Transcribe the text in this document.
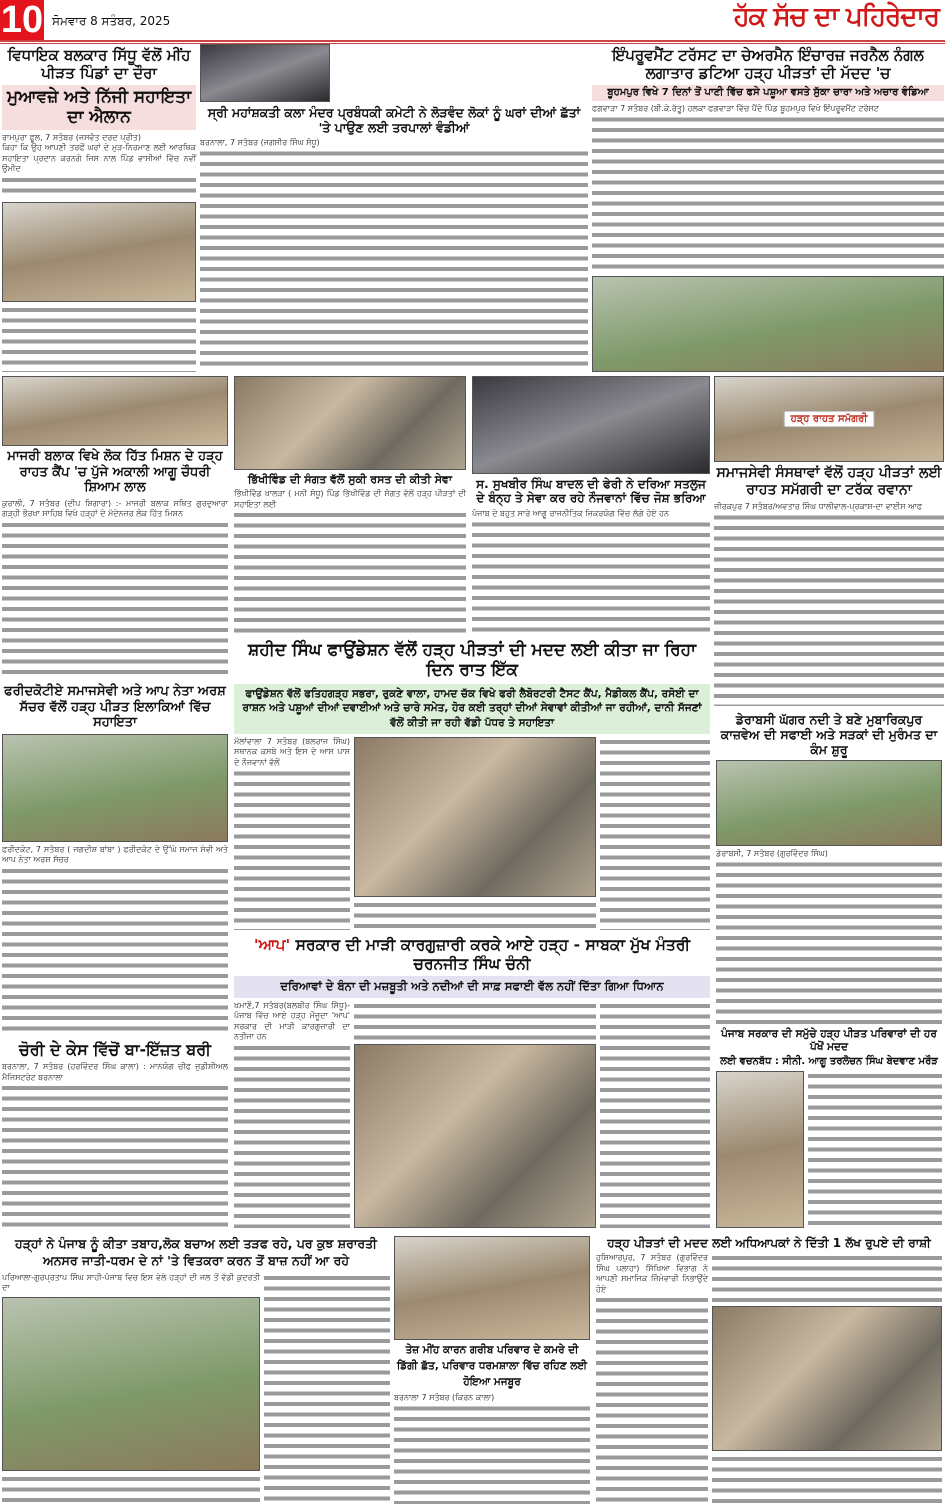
10 ਸੋਮਵਾਰ 8 ਸਤੰਬਰ, 2025	ਹੱਕ ਸੱਚ ਦਾ ਪਹਿਰੇਦਾਰ
ਵਿਧਾਇਕ ਬਲਕਾਰ ਸਿੱਧੂ ਵੱਲੋਂ ਮੀਂਹ ਪੀੜਤ ਪਿੰਡਾਂ ਦਾ ਦੌਰਾ
ਮੁਆਵਜ਼ੇ ਅਤੇ ਨਿੱਜੀ ਸਹਾਇਤਾ ਦਾ ਐਲਾਨ
ਰਾਮਪੁਰਾ ਫੂਲ, 7 ਸਤੰਬਰ (ਜਸਵੰਤ ਦਰਦ ਪ੍ਰੀਤ)
ਕਿਹਾ ਕਿ ਉਹ ਆਪਣੀ ਤਰਫੋਂ ਘਰਾਂ ਦੇ ਮੁੜ-ਨਿਰਮਾਣ ਲਈ ਆਰਥਿਕ ਸਹਾਇਤਾ ਪ੍ਰਦਾਨ ਕਰਨਗੇ ਜਿਸ ਨਾਲ ਪਿੰਡ ਵਾਸੀਆਂ ਵਿੱਚ ਨਵੀਂ ਉਮੀਦ
ਸ੍ਰੀ ਮਹਾਂਸ਼ਕਤੀ ਕਲਾ ਮੰਦਰ ਪ੍ਰਬੰਧਕੀ ਕਮੇਟੀ ਨੇ ਲੋੜਵੰਦ ਲੋਕਾਂ ਨੂੰ ਘਰਾਂ ਦੀਆਂ ਛੱਤਾਂ 'ਤੇ ਪਾਉਣ ਲਈ ਤਰਪਾਲਾਂ ਵੰਡੀਆਂ
ਬਰਨਾਲਾ, 7 ਸਤੰਬਰ (ਜਗਸੀਰ ਸਿੰਘ ਸੰਧੂ)
ਇੰਪਰੂਵਮੈਂਟ ਟਰੱਸਟ ਦਾ ਚੇਅਰਮੈਨ ਇੰਚਾਰਜ਼ ਜਰਨੈਲ ਨੰਗਲ ਲਗਾਤਾਰ ਡਟਿਆ ਹੜ੍ਹ ਪੀੜਤਾਂ ਦੀ ਮੱਦਦ 'ਚ
ਬੂਹਮਪੁਰ ਵਿਖੇ 7 ਦਿਨਾਂ ਤੋਂ ਪਾਣੀ ਵਿੱਚ ਫਸੇ ਪਸ਼ੂਆ ਵਸਤੇ ਸੁੱਕਾ ਚਾਰਾ ਅਤੇ ਅਚਾਰ ਵੰਡਿਆ
ਫਗਵਾੜਾ 7 ਸਤੰਬਰ (ਬੀ.ਕੇ.ਰੱਤੂ) ਹਲਕਾ ਫਗਵਾੜਾ ਵਿੱਚ ਪੈਂਦੇ ਪਿੰਡ ਬੂਹਮਪੁਰ ਵਿਖੇ ਇੰਪਰੂਵਮੈਂਟ ਟਰੱਸਟ
ਮਾਜਰੀ ਬਲਾਕ ਵਿਖੇ ਲੋਕ ਹਿੱਤ ਮਿਸ਼ਨ ਦੇ ਹੜ੍ਹ ਰਾਹਤ ਕੈਂਪ 'ਚ ਪੁੱਜੇ ਅਕਾਲੀ ਆਗੂ ਚੌਧਰੀ ਸ਼ਿਆਮ ਲਾਲ
ਕੁਰਾਲੀ, 7 ਸਤੰਬਰ (ਦੀਪ ਸ਼ਿਗਾਰਾ) :- ਮਾਜਰੀ ਬਲਾਕ ਸਥਿਤ ਗੁਰਦੁਆਰਾ ਗੜ੍ਹੀ ਭੌਰਖਾ ਸਾਹਿਬ ਵਿਖੇ ਹੜ੍ਹਾਂ ਦੇ ਮੱਦੇਨਜ਼ਰ ਲੋਕ ਹਿੱਤ ਮਿਸ਼ਨ
ਭਿੱਖੀਵਿੰਡ ਦੀ ਸੰਗਤ ਵੱਲੋਂ ਸੁਕੀ ਰਸਤ ਦੀ ਕੀਤੀ ਸੇਵਾ
ਭਿੱਖੀਵਿੰਡ ਖਾਲੜਾ ( ਮਨੀ ਸੰਧੂ) ਪਿੰਡ ਭਿੱਖੀਵਿੰਡ ਦੀ ਸੰਗਤ ਵੱਲੋਂ ਹੜ੍ਹ ਪੀੜਤਾਂ ਦੀ ਸਹਾਇਤਾ ਲਈ
ਸ. ਸੁਖਬੀਰ ਸਿੰਘ ਬਾਦਲ ਦੀ ਫੇਰੀ ਨੇ ਦਰਿਆ ਸਤਲੁਜ ਦੇ ਬੰਨ੍ਹ ਤੇ ਸੇਵਾ ਕਰ ਰਹੇ ਨੌਜਵਾਨਾਂ ਵਿੱਚ ਜੋਸ਼ ਭਰਿਆ
ਪੰਜਾਬ ਦੇ ਬਹੁਤ ਸਾਰੇ ਆਗੂ ਰਾਜਨੀਤਿਕ ਜ਼ਿਕਰਯੋਗ ਵਿੱਚ ਲੱਗੇ ਹੋਏ ਹਨ
ਹੜ੍ਹ ਰਾਹਤ ਸਮੱਗਰੀ
ਸਮਾਜਸੇਵੀ ਸੰਸਥਾਵਾਂ ਵੱਲੋਂ ਹੜ੍ਹ ਪੀੜਤਾਂ ਲਈ ਰਾਹਤ ਸਮੱਗਰੀ ਦਾ ਟਰੱਕ ਰਵਾਨਾ
ਜ਼ੀਰਕਪੁਰ 7 ਸਤੰਬਰ/ਅਵਤਾਰ ਸਿੰਘ ਧਾਲੀਵਾਲ-ਪ੍ਰਕਾਸ਼-ਦਾ ਵਾਈਸ ਆਫ
ਫਰੀਦਕੋਟੀਏ ਸਮਾਜਸੇਵੀ ਅਤੇ ਆਪ ਨੇਤਾ ਅਰਸ਼ ਸੱਚਰ ਵੱਲੋਂ ਹੜ੍ਹ ਪੀੜਤ ਇਲਾਕਿਆਂ ਵਿੱਚ ਸਹਾਇਤਾ
ਫਰੀਦਕੋਟ, 7 ਸਤੰਬਰ ( ਜਗਦੀਸ਼ ਬਾਂਬਾ ) ਫਰੀਦਕੋਟ ਦੇ ਉੱਘੇ ਸਮਾਜ ਸੇਵੀ ਅਤੇ ਆਪ ਨੇਤਾ ਅਰਸ਼ ਸੱਚਰ
ਸ਼ਹੀਦ ਸਿੰਘ ਫਾਉਂਡੇਸ਼ਨ ਵੱਲੋਂ ਹੜ੍ਹ ਪੀੜਤਾਂ ਦੀ ਮਦਦ ਲਈ ਕੀਤਾ ਜਾ ਰਿਹਾ ਦਿਨ ਰਾਤ ਇੱਕ
ਫਾਉਂਡੇਸ਼ਨ ਵੱਲੋਂ ਫਤਿਹਗੜ੍ਹ ਸਭਰਾ, ਰੁਕਣੇ ਵਾਲਾ, ਹਾਮਦ ਚੱਕ ਵਿਖੇ ਫਰੀ ਲੈਬੋਰਟਰੀ ਟੈਸਟ ਕੈਂਪ, ਮੈਡੀਕਲ ਕੈਂਪ, ਰਸੋਈ ਦਾ ਰਾਸ਼ਨ ਅਤੇ ਪਸ਼ੂਆਂ ਦੀਆਂ ਦਵਾਈਆਂ ਅਤੇ ਚਾਰੇ ਸਮੇਤ, ਹੋਰ ਕਈ ਤਰ੍ਹਾਂ ਦੀਆਂ ਸੇਵਾਵਾਂ ਕੀਤੀਆਂ ਜਾ ਰਹੀਆਂ, ਦਾਨੀ ਸੱਜਣਾਂ ਵੱਲੋਂ ਕੀਤੀ ਜਾ ਰਹੀ ਵੱਡੀ ਪੱਧਰ ਤੇ ਸਹਾਇਤਾ
ਮੱਲਾਂਵਾਲਾ 7 ਸਤੰਬਰ (ਬਲਰਾਜ ਸਿੰਘ) ਸਥਾਨਕ ਕਸਬੇ ਅਤੇ ਇਸ ਦੇ ਆਸ ਪਾਸ ਦੇ ਨੌਜਵਾਨਾਂ ਵੱਲੋਂ
ਡੇਰਾਬਸੀ ਘੱਗਰ ਨਦੀ ਤੇ ਬਣੇ ਮੁਬਾਰਿਕਪੁਰ ਕਾਜ਼ਵੇਅ ਦੀ ਸਫਾਈ ਅਤੇ ਸੜਕਾਂ ਦੀ ਮੁਰੰਮਤ ਦਾ ਕੰਮ ਸ਼ੁਰੂ
ਡੇਰਾਬਸੀ, 7 ਸਤੰਬਰ (ਗੁਰਵਿੰਦਰ ਸਿੰਘ)
'ਆਪ' ਸਰਕਾਰ ਦੀ ਮਾੜੀ ਕਾਰਗੁਜ਼ਾਰੀ ਕਰਕੇ ਆਏ ਹੜ੍ਹ - ਸਾਬਕਾ ਮੁੱਖ ਮੰਤਰੀ ਚਰਨਜੀਤ ਸਿੰਘ ਚੰਨੀ
ਦਰਿਆਵਾਂ ਦੇ ਬੰਨਾ ਦੀ ਮਜ਼ਬੂਤੀ ਅਤੇ ਨਦੀਆਂ ਦੀ ਸਾਫ਼ ਸਫਾਈ ਵੱਲ ਨਹੀਂ ਦਿੱਤਾ ਗਿਆ ਧਿਆਨ
ਖਮਾਣੋਂ,7 ਸਤੰਬਰ(ਬਲਬੀਰ ਸਿੰਘ ਸਿੱਧੂ)- ਪੰਜਾਬ ਵਿੱਚ ਆਏ ਹੜ੍ਹ ਮੌਜੂਦਾ 'ਆਪ' ਸਰਕਾਰ ਦੀ ਮਾੜੀ ਕਾਰਗੁਜ਼ਾਰੀ ਦਾ ਨਤੀਜਾ ਹਨ
ਚੋਰੀ ਦੇ ਕੇਸ ਵਿੱਚੋਂ ਬਾ-ਇੱਜ਼ਤ ਬਰੀ
ਬਰਨਾਲਾ, 7 ਸਤੰਬਰ (ਹਰਵਿੰਦਰ ਸਿੰਘ ਕਾਲਾ) : ਮਾਨਯੋਗ ਚੀਫ ਜੁਡੀਸ਼ੀਅਲ ਮੈਜਿਸਟਰੇਟ ਬਰਨਾਲਾ
ਪੰਜਾਬ ਸਰਕਾਰ ਦੀ ਸਮੁੱਚੇ ਹੜ੍ਹ ਪੀੜਤ ਪਰਿਵਾਰਾਂ ਦੀ ਹਰ ਪੱਖੋਂ ਮਦਦ
ਲਈ ਵਚਨਬੱਧ : ਸੀਨੀ. ਆਗੂ ਤਰਲੋਚਨ ਸਿੰਘ ਬੇਦਵਾਣ ਮਰੌੜ
ਹੜ੍ਹਾਂ ਨੇ ਪੰਜਾਬ ਨੂੰ ਕੀਤਾ ਤਬਾਹ,ਲੋਕ ਬਚਾਅ ਲਈ ਤੜਫ ਰਹੇ, ਪਰ ਕੁਝ ਸ਼ਰਾਰਤੀ ਅਨਸਰ ਜਾਤੀ-ਧਰਮ ਦੇ ਨਾਂ 'ਤੇ ਵਿਤਕਰਾ ਕਰਨ ਤੋਂ ਬਾਜ਼ ਨਹੀਂ ਆ ਰਹੇ
ਪਰਿਆਲਾ-ਗੁਰਪ੍ਰਤਾਪ ਸਿੰਘ ਸਾਹੀ-ਪੰਜਾਬ ਵਿਚ ਇਸ ਵੇਲੇ ਹੜ੍ਹਾਂ ਦੀ ਜਲ ਤੋਂ ਵੱਡੀ ਕੁਦਰਤੀ ਦਾ
ਤੇਜ਼ ਮੀਂਹ ਕਾਰਨ ਗਰੀਬ ਪਰਿਵਾਰ ਦੇ ਕਮਰੇ ਦੀ ਡਿੱਗੀ ਛੱਤ, ਪਰਿਵਾਰ ਧਰਮਸ਼ਾਲਾ ਵਿੱਚ ਰਹਿਣ ਲਈ ਹੋਇਆ ਮਜਬੂਰ
ਬਰਨਾਲਾ 7 ਸਤੰਬਰ (ਕਿਰਨ ਕਾਲਾ)
ਹੜ੍ਹ ਪੀੜਤਾਂ ਦੀ ਮਦਦ ਲਈ ਅਧਿਆਪਕਾਂ ਨੇ ਦਿੱਤੀ 1 ਲੱਖ ਰੁਪਏ ਦੀ ਰਾਸ਼ੀ
ਹੁਸ਼ਿਆਰਪੁਰ, 7 ਸਤੰਬਰ (ਗੁਰਵਿੰਦਰ ਸਿੰਘ ਪਲਾਹਾ) ਸਿੱਖਿਆ ਵਿਭਾਗ ਨੇ ਆਪਣੀ ਸਮਾਜਿਕ ਜ਼ਿੰਮੇਵਾਰੀ ਨਿਭਾਉਂਦੇ ਹੋਏ
